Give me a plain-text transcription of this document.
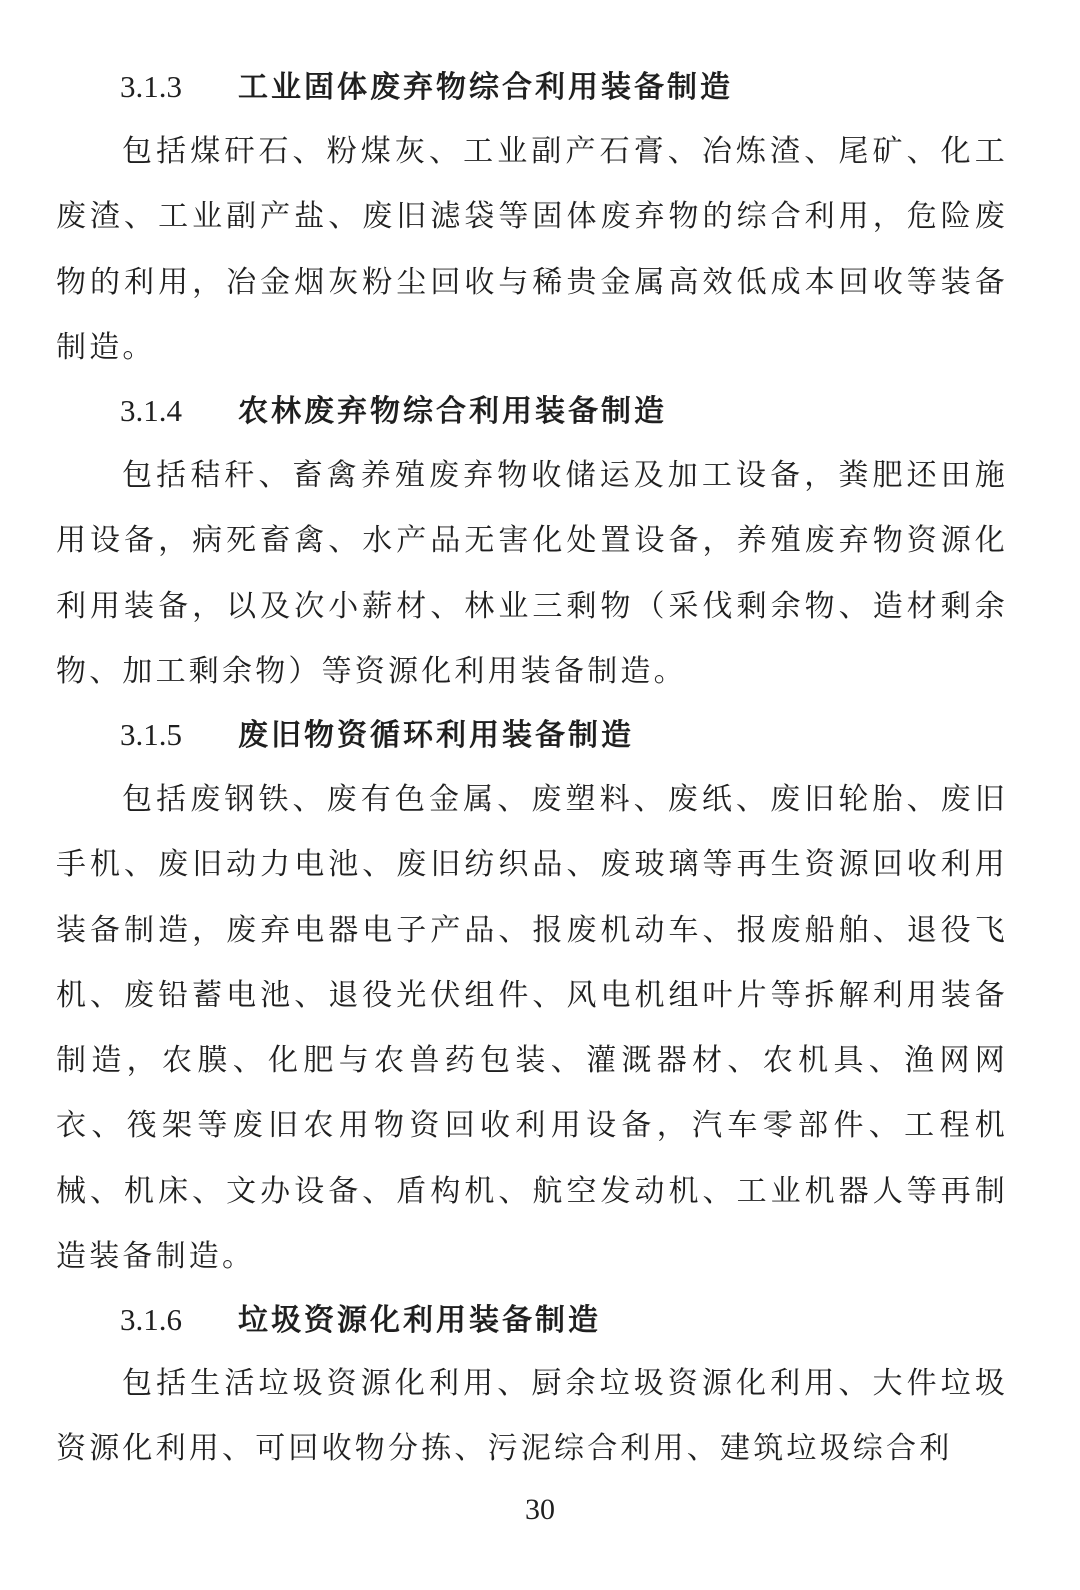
3.1.3 工业固体废弃物综合利用装备制造

包括煤矸石、粉煤灰、工业副产石膏、冶炼渣、尾矿、化工废渣、工业副产盐、废旧滤袋等固体废弃物的综合利用，危险废物的利用，冶金烟灰粉尘回收与稀贵金属高效低成本回收等装备制造。

3.1.4 农林废弃物综合利用装备制造

包括秸秆、畜禽养殖废弃物收储运及加工设备，粪肥还田施用设备，病死畜禽、水产品无害化处置设备，养殖废弃物资源化利用装备，以及次小薪材、林业三剩物（采伐剩余物、造材剩余物、加工剩余物）等资源化利用装备制造。

3.1.5 废旧物资循环利用装备制造

包括废钢铁、废有色金属、废塑料、废纸、废旧轮胎、废旧手机、废旧动力电池、废旧纺织品、废玻璃等再生资源回收利用装备制造，废弃电器电子产品、报废机动车、报废船舶、退役飞机、废铅蓄电池、退役光伏组件、风电机组叶片等拆解利用装备制造，农膜、化肥与农兽药包装、灌溉器材、农机具、渔网网衣、筏架等废旧农用物资回收利用设备，汽车零部件、工程机械、机床、文办设备、盾构机、航空发动机、工业机器人等再制造装备制造。

3.1.6 垃圾资源化利用装备制造

包括生活垃圾资源化利用、厨余垃圾资源化利用、大件垃圾资源化利用、可回收物分拣、污泥综合利用、建筑垃圾综合利

30
